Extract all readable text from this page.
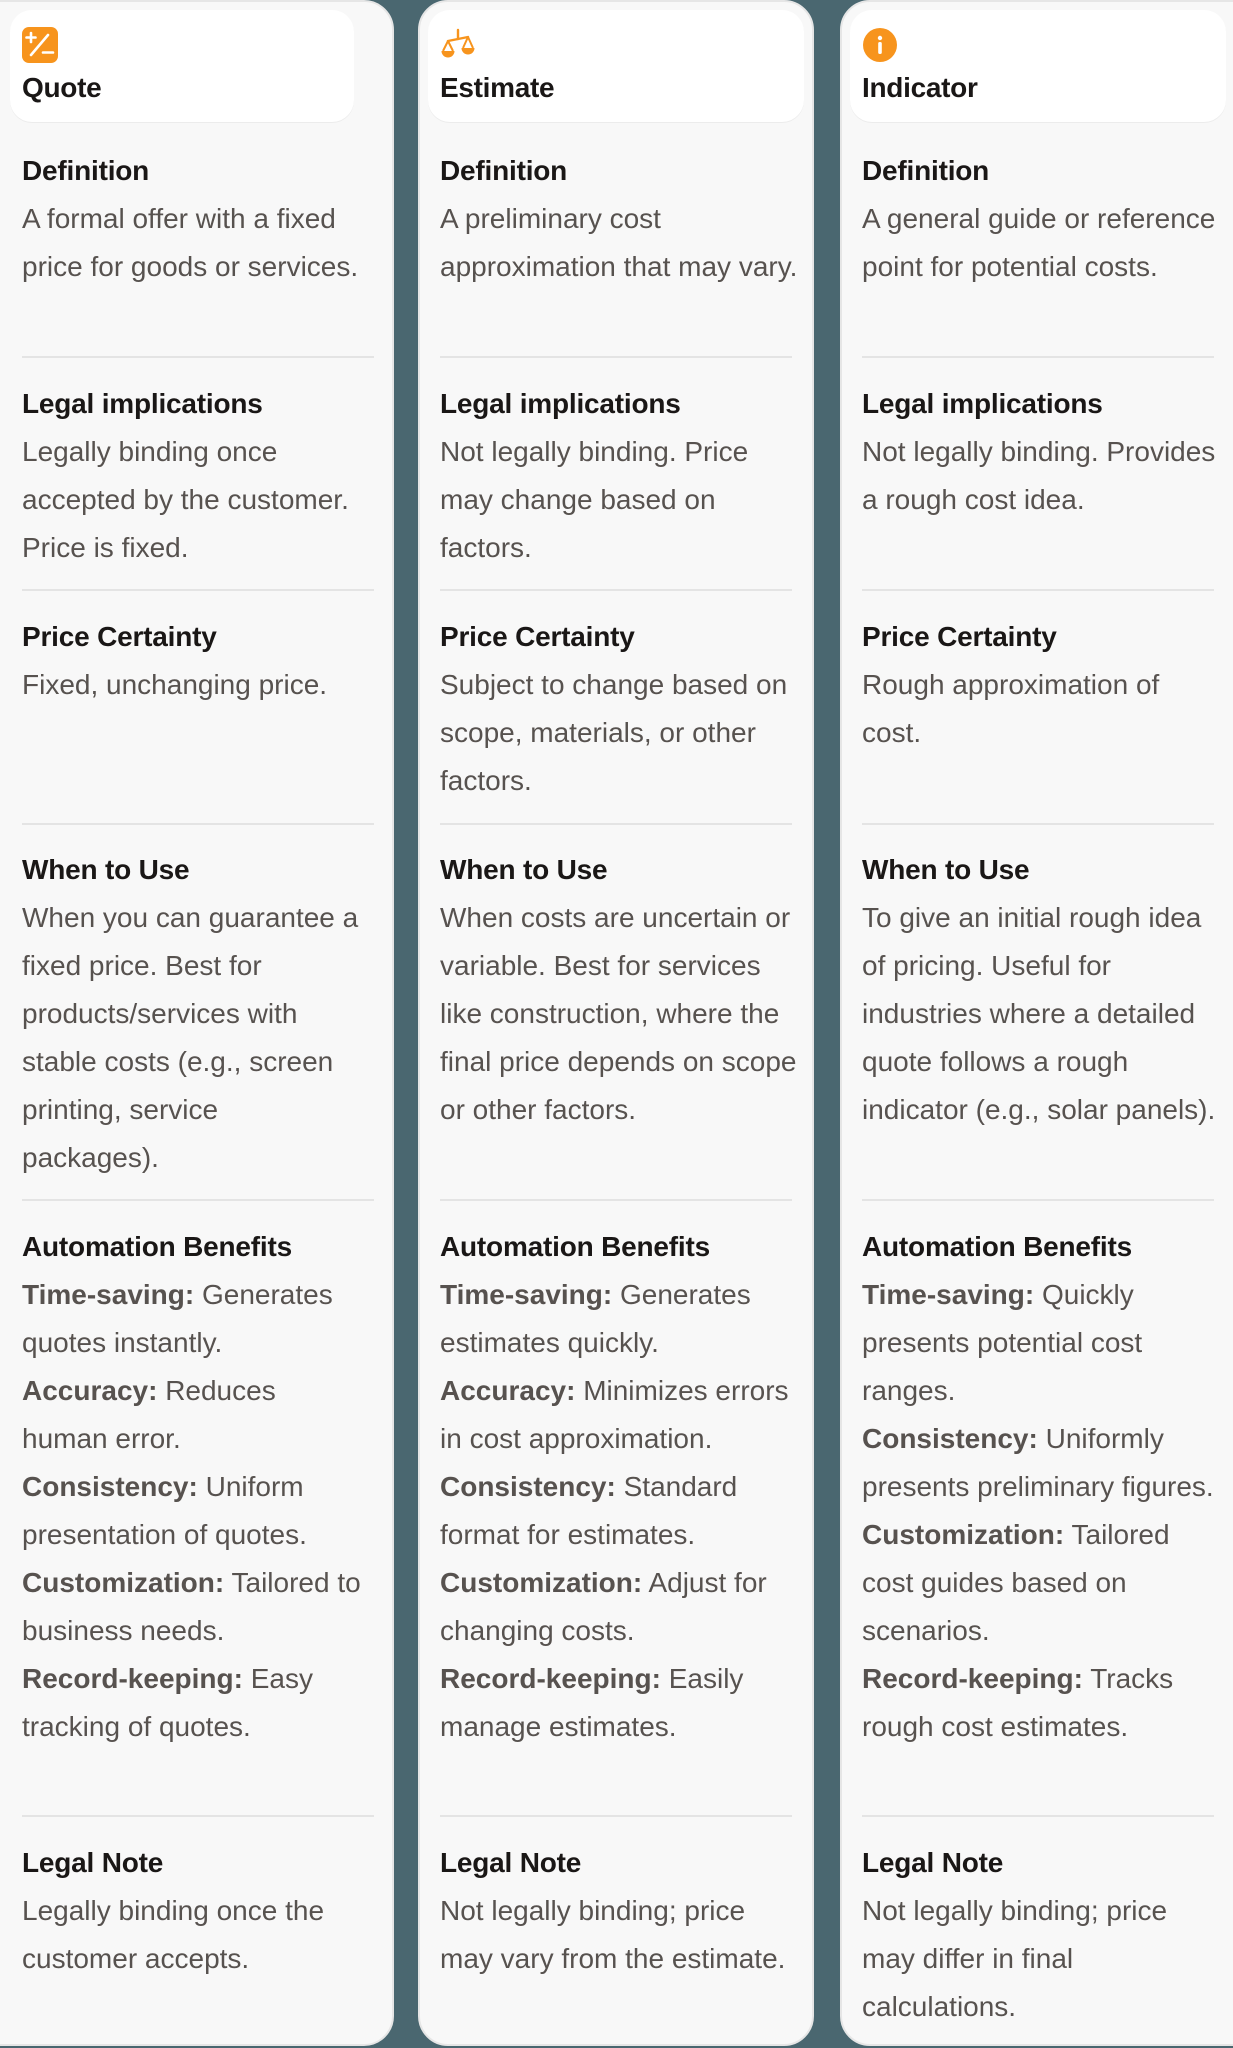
Quote
Definition

A formal offer with a fixed price for goods or services.

Legal implications

Legally binding once accepted by the customer. Price is fixed.

Price Certainty

Fixed, unchanging price.

When to Use

When you can guarantee a fixed price. Best for products/services with stable costs (e.g., screen printing, service packages).

Automation Benefits

Time-saving: Generates quotes instantly.

Accuracy: Reduces human error.

Consistency: Uniform presentation of quotes.

Customization: Tailored to business needs.

Record-keeping: Easy tracking of quotes.

Legal Note

Legally binding once the customer accepts.

Estimate
Definition

A preliminary cost approximation that may vary.

Legal implications

Not legally binding. Price may change based on factors.

Price Certainty

Subject to change based on scope, materials, or other factors.

When to Use

When costs are uncertain or variable. Best for services like construction, where the final price depends on scope or other factors.

Automation Benefits

Time-saving: Generates estimates quickly.

Accuracy: Minimizes errors in cost approximation.

Consistency: Standard format for estimates.

Customization: Adjust for changing costs.

Record-keeping: Easily manage estimates.

Legal Note

Not legally binding; price may vary from the estimate.

Indicator
Definition

A general guide or reference point for potential costs.

Legal implications

Not legally binding. Provides a rough cost idea.

Price Certainty

Rough approximation of cost.

When to Use

To give an initial rough idea of pricing. Useful for industries where a detailed quote follows a rough indicator (e.g., solar panels).

Automation Benefits

Time-saving: Quickly presents potential cost ranges.

Consistency: Uniformly presents preliminary figures.

Customization: Tailored cost guides based on scenarios.

Record-keeping: Tracks rough cost estimates.

Legal Note

Not legally binding; price may differ in final calculations.
